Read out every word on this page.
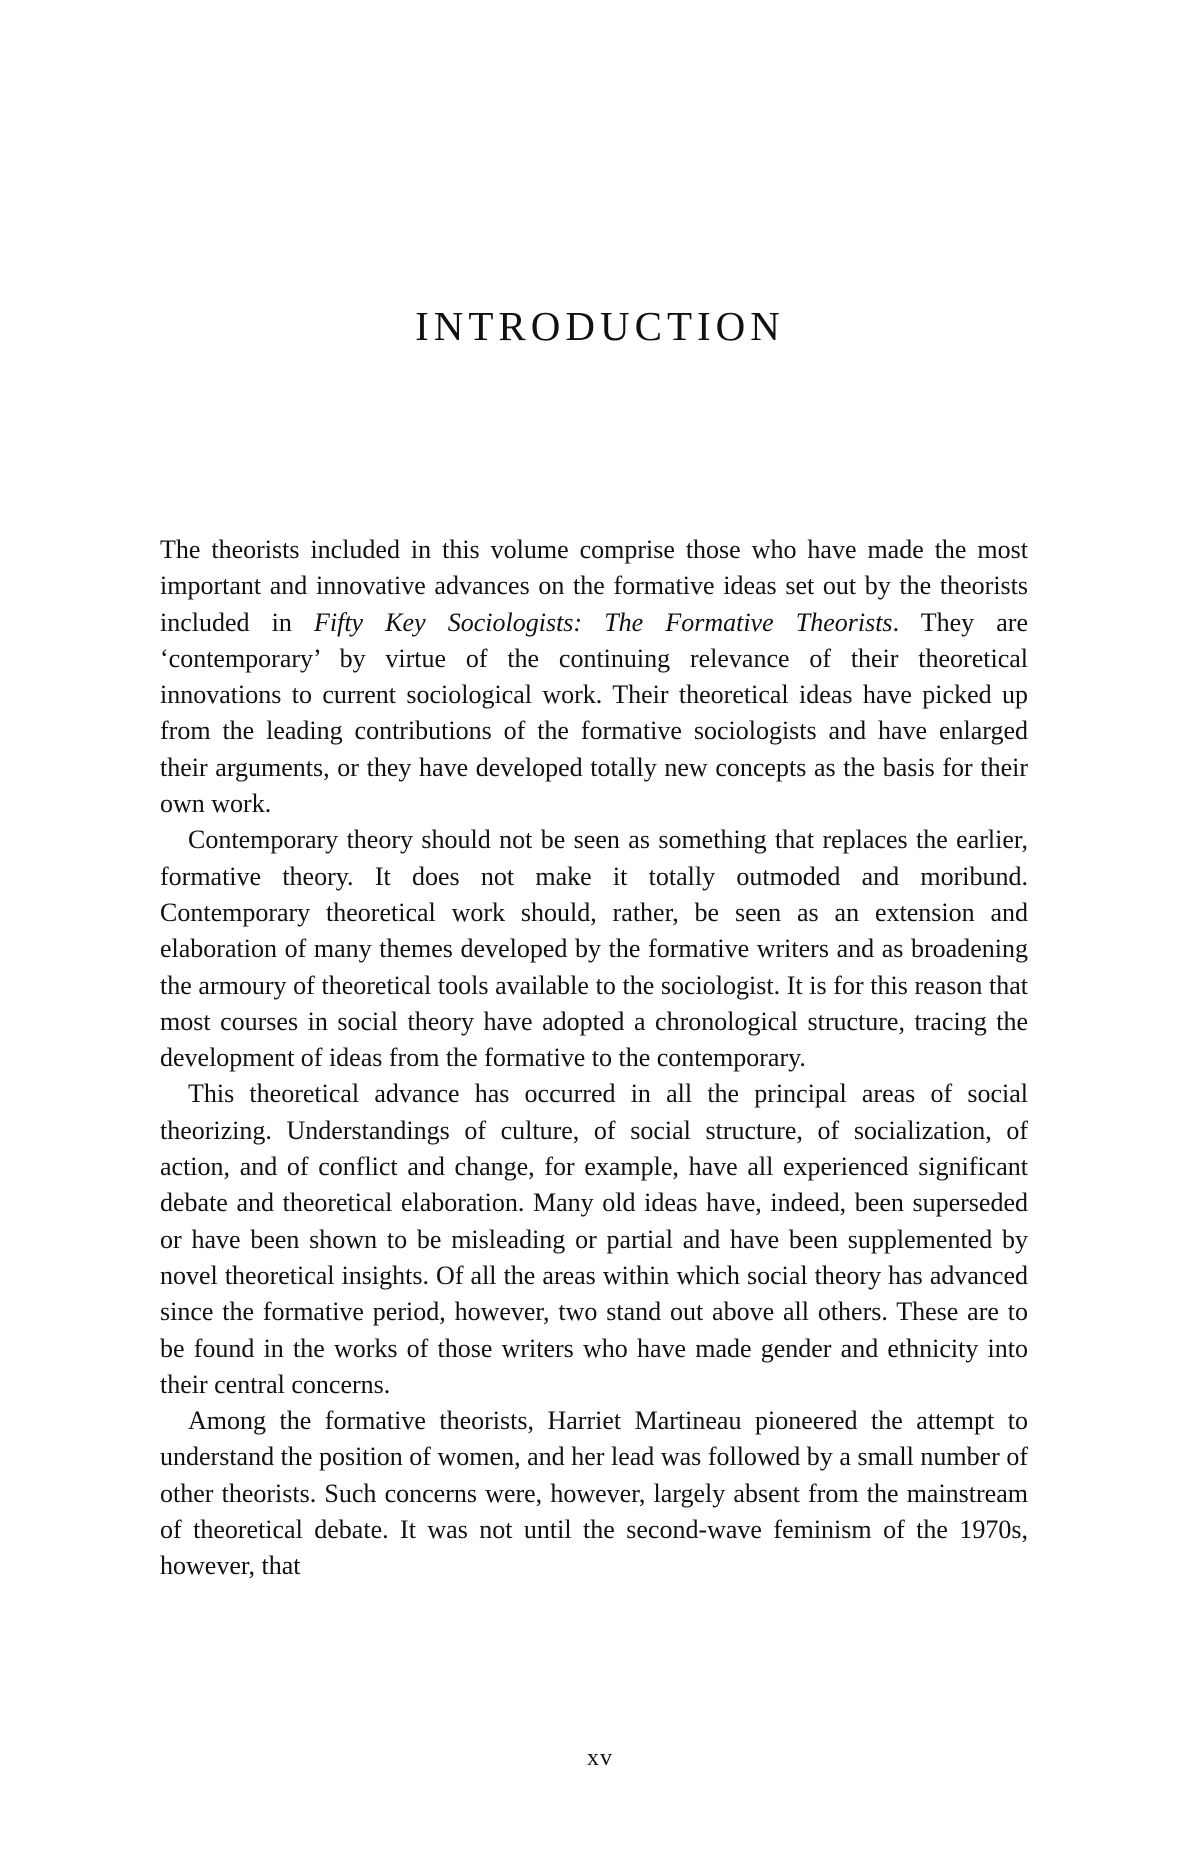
INTRODUCTION

The theorists included in this volume comprise those who have made the most important and innovative advances on the formative ideas set out by the theorists included in Fifty Key Sociologists: The Formative Theorists. They are ‘contemporary’ by virtue of the continuing relevance of their theoretical innovations to current sociological work. Their theoretical ideas have picked up from the leading contributions of the formative sociologists and have enlarged their arguments, or they have developed totally new concepts as the basis for their own work.

Contemporary theory should not be seen as something that replaces the earlier, formative theory. It does not make it totally outmoded and moribund. Contemporary theoretical work should, rather, be seen as an extension and elaboration of many themes developed by the formative writers and as broadening the armoury of theoretical tools available to the sociologist. It is for this reason that most courses in social theory have adopted a chronological structure, tracing the development of ideas from the formative to the contemporary.

This theoretical advance has occurred in all the principal areas of social theorizing. Understandings of culture, of social structure, of socialization, of action, and of conflict and change, for example, have all experienced significant debate and theoretical elaboration. Many old ideas have, indeed, been superseded or have been shown to be misleading or partial and have been supplemented by novel theoretical insights. Of all the areas within which social theory has advanced since the formative period, however, two stand out above all others. These are to be found in the works of those writers who have made gender and ethnicity into their central concerns.

Among the formative theorists, Harriet Martineau pioneered the attempt to understand the position of women, and her lead was followed by a small number of other theorists. Such concerns were, however, largely absent from the mainstream of theoretical debate. It was not until the second-wave feminism of the 1970s, however, that

xv
